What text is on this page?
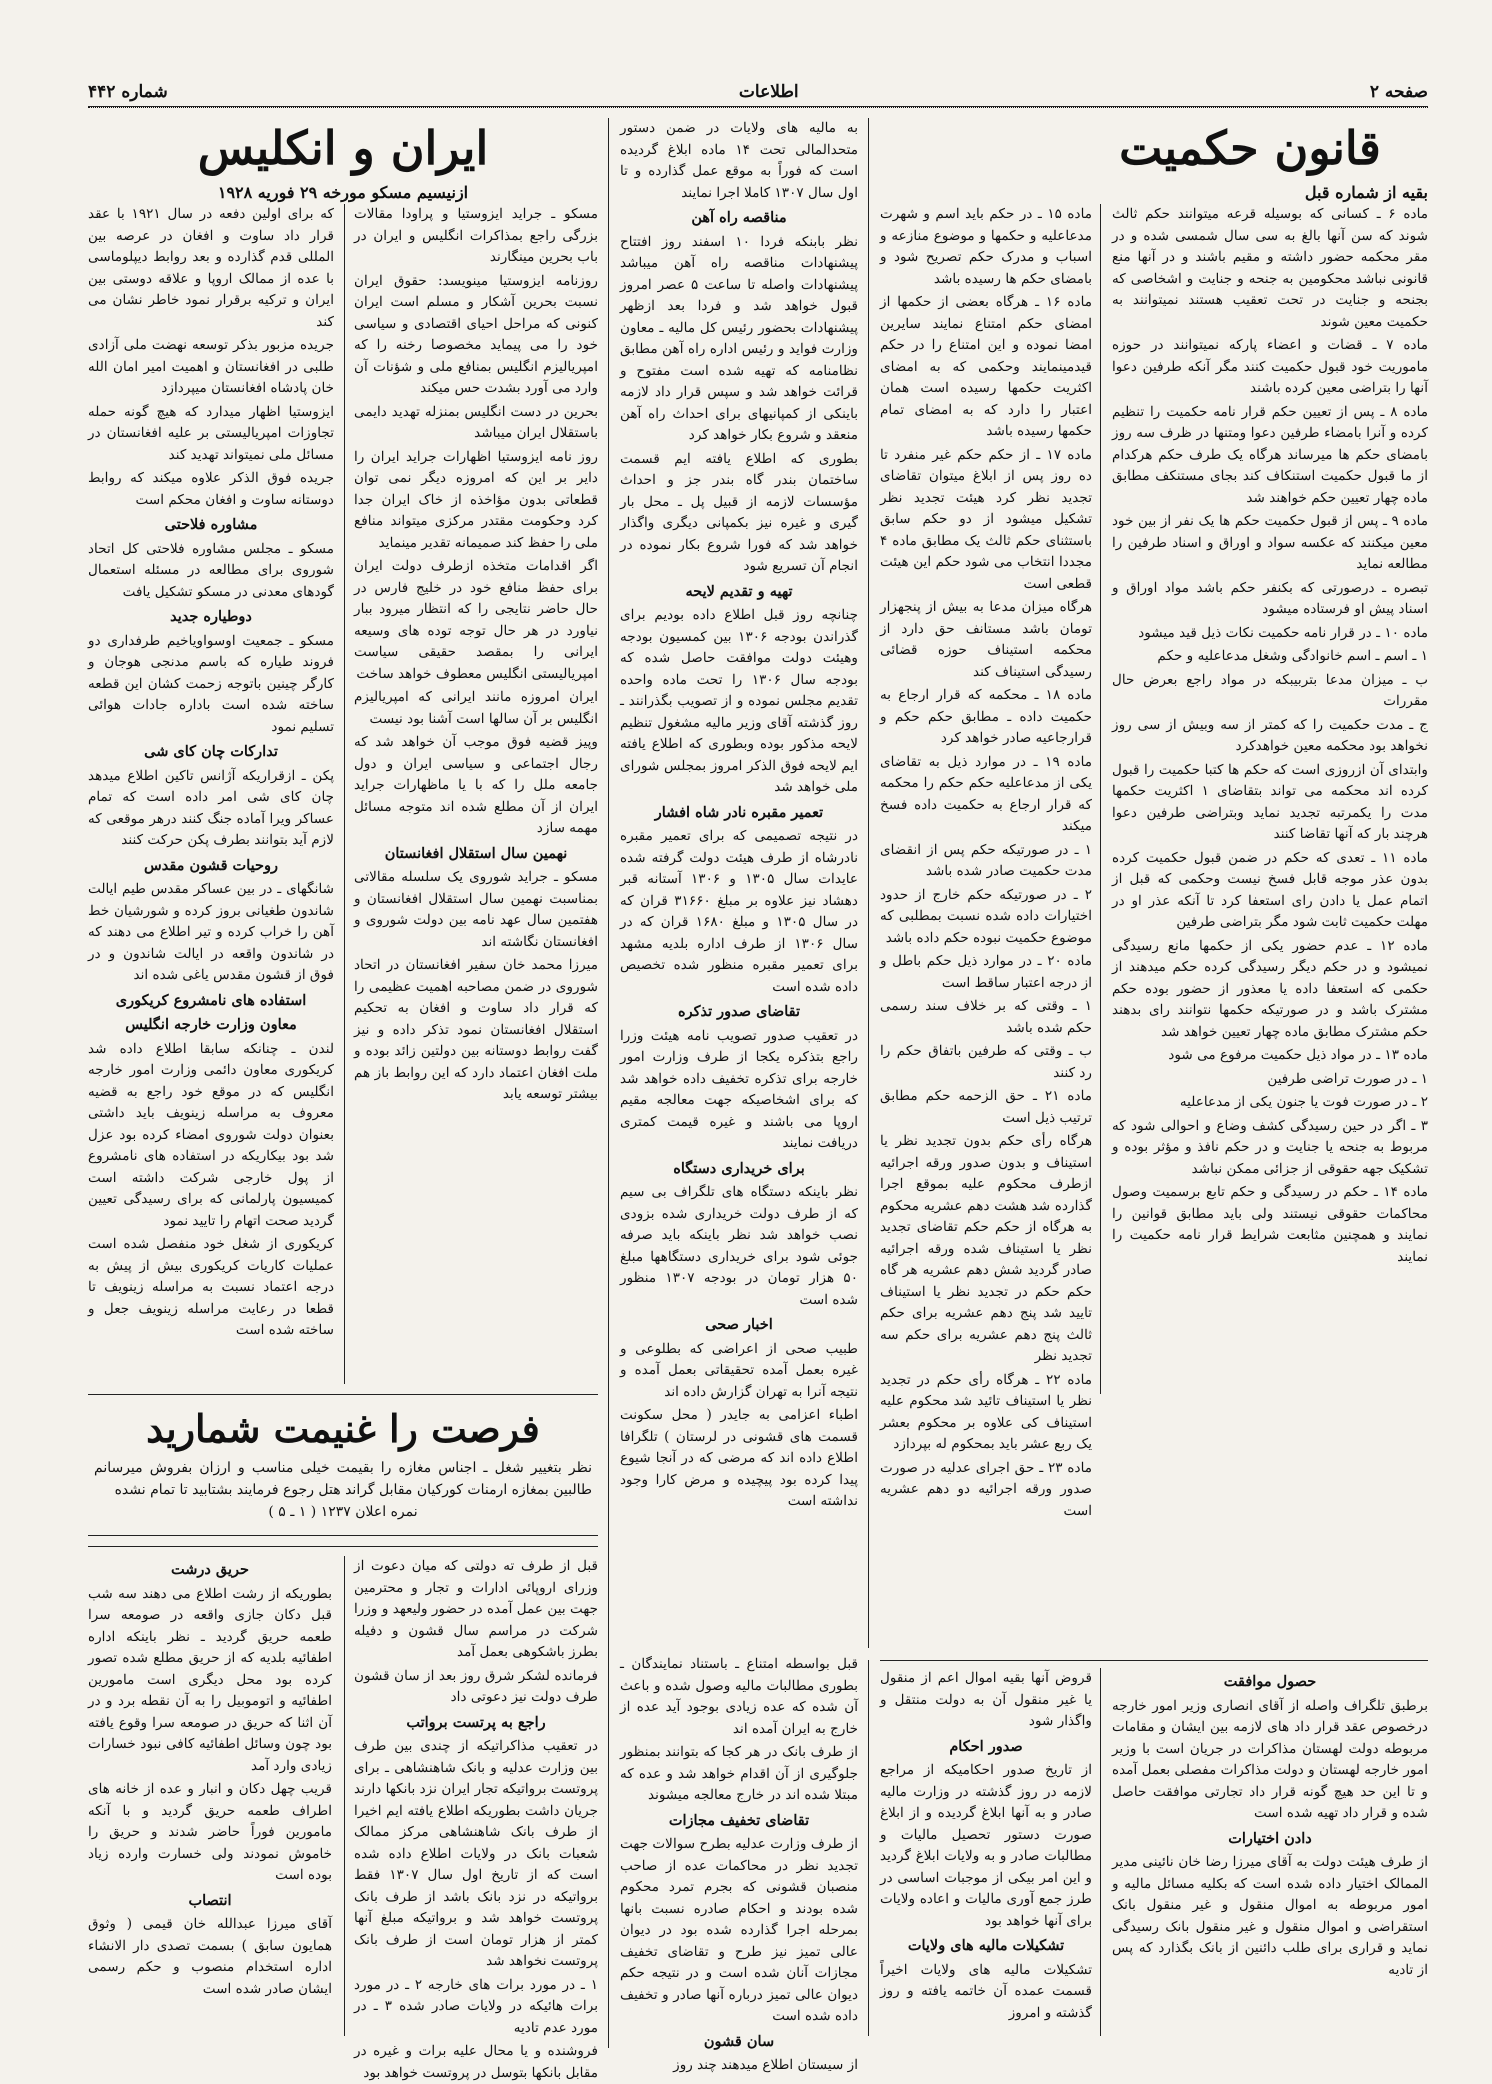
صفحه ۲
اطلاعات
شماره ۴۴۲
قانون حکمیت
بقیه از شماره قبل

ماده ۶ ـ کسانی که بوسیله قرعه میتوانند حکم ثالث شوند که سن آنها بالغ به سی سال شمسی شده و در مقر محکمه حضور داشته و مقیم باشند و در آنها منع قانونی نباشد محکومین به جنحه و جنایت و اشخاصی که بجنحه و جنایت در تحت تعقیب هستند نمیتوانند به حکمیت معین شوند

ماده ۷ ـ قضات و اعضاء پارکه نمیتوانند در حوزه ماموریت خود قبول حکمیت کنند مگر آنکه طرفین دعوا آنها را بتراضی معین کرده باشند

ماده ۸ ـ پس از تعیین حکم قرار نامه حکمیت را تنظیم کرده و آنرا بامضاء طرفین دعوا ومتنها در ظرف سه روز بامضای حکم ها میرساند هرگاه یک طرف حکم هرکدام از ما قبول حکمیت استنکاف کند بجای مستنکف مطابق ماده چهار تعیین حکم خواهند شد

ماده ۹ ـ پس از قبول حکمیت حکم ها یک نفر از بین خود معین میکنند که عکسه سواد و اوراق و اسناد طرفین را مطالعه نماید

تبصره ـ درصورتی که بکنفر حکم باشد مواد اوراق و اسناد پیش او فرستاده میشود

ماده ۱۰ ـ در قرار نامه حکمیت نکات ذیل قید میشود

۱ ـ اسم ـ اسم خانوادگی وشغل مدعاعلیه و حکم

ب ـ میزان مدعا بتربیبکه در مواد راجع بعرض حال مقررات

ج ـ مدت حکمیت را که کمتر از سه وبیش از سی روز نخواهد بود محکمه معین خواهدکرد

وابتدای آن ازروزی است که حکم ها کتبا حکمیت را قبول کرده اند محکمه می تواند بتقاضای ۱ اکثریت حکمها مدت را یکمرتبه تجدید نماید وبتراضی طرفین دعوا هرچند بار که آنها تقاضا کنند

ماده ۱۱ ـ تعدی که حکم در ضمن قبول حکمیت کرده بدون عذر موجه قابل فسخ نیست وحکمی که قبل از اتمام عمل یا دادن رای استعفا کرد تا آنکه عذر او در مهلت حکمیت ثابت شود مگر بتراضی طرفین

ماده ۱۲ ـ عدم حضور یکی از حکمها مانع رسیدگی نمیشود و در حکم دیگر رسیدگی کرده حکم میدهند از حکمی که استعفا داده یا معذور از حضور بوده حکم مشترک باشد و در صورتیکه حکمها نتوانند رای بدهند حکم مشترک مطابق ماده چهار تعیین خواهد شد

ماده ۱۳ ـ در مواد ذیل حکمیت مرفوع می شود

۱ ـ در صورت تراضی طرفین

۲ ـ در صورت فوت یا جنون یکی از مدعاعلیه

۳ ـ اگر در حین رسیدگی کشف وضاع و احوالی شود که مربوط به جنحه یا جنایت و در حکم نافذ و مؤثر بوده و تشکیک جهه حقوقی از جزائی ممکن نباشد

ماده ۱۴ ـ حکم در رسیدگی و حکم تابع برسمیت وصول محاکمات حقوقی نیستند ولی باید مطابق قوانین را نمایند و همچنین مثابعت شرایط قرار نامه حکمیت را نمایند

ماده ۱۵ ـ در حکم باید اسم و شهرت مدعاعلیه و حکمها و موضوع منازعه و اسباب و مدرک حکم تصریح شود و بامضای حکم ها رسیده باشد

ماده ۱۶ ـ هرگاه بعضی از حکمها از امضای حکم امتناع نمایند سایرین امضا نموده و این امتناع را در حکم قیدمینمایند وحکمی که به امضای اکثریت حکمها رسیده است همان اعتبار را دارد که به امضای تمام حکمها رسیده باشد

ماده ۱۷ ـ از حکم حکم غیر منفرد تا ده روز پس از ابلاغ میتوان تقاضای تجدید نظر کرد هیئت تجدید نظر تشکیل میشود از دو حکم سابق باستثنای حکم ثالث یک مطابق ماده ۴ مجددا انتخاب می شود حکم این هیئت قطعی است

هرگاه میزان مدعا به بیش از پنجهزار تومان باشد مستانف حق دارد از محکمه استیناف حوزه قضائی رسیدگی استیناف کند

ماده ۱۸ ـ محکمه که قرار ارجاع به حکمیت داده ـ مطابق حکم حکم و قرارجاعیه صادر خواهد کرد

ماده ۱۹ ـ در موارد ذیل به تقاضای یکی از مدعاعلیه حکم حکم را محکمه که قرار ارجاع به حکمیت داده فسخ میکند

۱ ـ در صورتیکه حکم پس از انقضای مدت حکمیت صادر شده باشد

۲ ـ در صورتیکه حکم خارج از حدود اختیارات داده شده نسبت بمطلبی که موضوع حکمیت نبوده حکم داده باشد

ماده ۲۰ ـ در موارد ذیل حکم باطل و از درجه اعتبار ساقط است

۱ ـ وقتی که بر خلاف سند رسمی حکم شده باشد

ب ـ وقتی که طرفین باتفاق حکم را رد کنند

ماده ۲۱ ـ حق الزحمه حکم مطابق ترتیب ذیل است

هرگاه رأی حکم بدون تجدید نظر یا استیناف و بدون صدور ورقه اجرائیه ازطرف محکوم علیه بموقع اجرا گذارده شد هشت دهم عشریه محکوم به هرگاه از حکم حکم تقاضای تجدید نظر یا استیناف شده ورقه اجرائیه صادر گردید شش دهم عشریه هر گاه حکم حکم در تجدید نظر یا استیناف تایید شد پنج دهم عشریه برای حکم ثالث پنج دهم عشریه برای حکم سه تجدید نظر

ماده ۲۲ ـ هرگاه رأی حکم در تجدید نظر یا استیناف تائید شد محکوم علیه استیناف کی علاوه بر محکوم بعشر یک ربع عشر باید بمحکوم له بپردازد

ماده ۲۳ ـ حق اجرای عدلیه در صورت صدور ورقه اجرائیه دو دهم عشریه است

به مالیه های ولایات در ضمن دستور متحدالمالی تحت ۱۴ ماده ابلاغ گردیده است که فوراً به موقع عمل گذارده و تا اول سال ۱۳۰۷ کاملا اجرا نمایند

مناقصه راه آهن

نظر بابنکه فردا ۱۰ اسفند روز افتتاح پیشنهادات مناقصه راه آهن میباشد پیشنهادات واصله تا ساعت ۵ عصر امروز قبول خواهد شد و فردا بعد ازظهر پیشنهادات بحضور رئیس کل مالیه ـ معاون وزارت فواید و رئیس اداره راه آهن مطابق نظامنامه که تهیه شده است مفتوح و قرائت خواهد شد و سپس قرار داد لازمه باینکی از کمپانیهای برای احداث راه آهن منعقد و شروع بکار خواهد کرد

بطوری که اطلاع یافته ایم قسمت ساختمان بندر گاه بندر جز و احداث مؤسسات لازمه از قبیل پل ـ محل بار گیری و غیره نیز بکمپانی دیگری واگذار خواهد شد که فورا شروع بکار نموده در انجام آن تسریع شود

تهیه و تقدیم لایحه

چنانچه روز قبل اطلاع داده بودیم برای گذراندن بودجه ۱۳۰۶ بین کمسیون بودجه وهیئت دولت موافقت حاصل شده که بودجه سال ۱۳۰۶ را تحت ماده واحده تقدیم مجلس نموده و از تصویب بگذرانند ـ روز گذشته آقای وزیر مالیه مشغول تنظیم لایحه مذکور بوده وبطوری که اطلاع یافته ایم لایحه فوق الذکر امروز بمجلس شورای ملی خواهد شد

تعمیر مقبره نادر شاه افشار

در نتیجه تصمیمی که برای تعمیر مقبره نادرشاه از طرف هیئت دولت گرفته شده عایدات سال ۱۳۰۵ و ۱۳۰۶ آستانه قبر دهشاد نیز علاوه بر مبلغ ۳۱۶۶۰ قران که در سال ۱۳۰۵ و مبلغ ۱۶۸۰ قران که در سال ۱۳۰۶ از طرف اداره بلدیه مشهد برای تعمیر مقبره منظور شده تخصیص داده شده است

تقاضای صدور تذکره

در تعقیب صدور تصویب نامه هیئت وزرا راجع بتذکره یکجا از طرف وزارت امور خارجه برای تذکره تخفیف داده خواهد شد که برای اشخاصیکه جهت معالجه مقیم اروپا می باشند و غیره قیمت کمتری دریافت نمایند

برای خریداری دستگاه

نظر باینکه دستگاه های تلگراف بی سیم که از طرف دولت خریداری شده بزودی نصب خواهد شد نظر باینکه باید صرفه جوئی شود برای خریداری دستگاهها مبلغ ۵۰ هزار تومان در بودجه ۱۳۰۷ منظور شده است

اخبار صحی

طبیب صحی از اعراضی که بطلوعی و غیره بعمل آمده تحقیقاتی بعمل آمده و نتیجه آنرا به تهران گزارش داده اند

اطباء اعزامی به جایدر ( محل سکونت قسمت های قشونی در لرستان ) تلگرافا اطلاع داده اند که مرضی که در آنجا شیوع پیدا کرده بود پیچیده و مرض کارا وجود نداشته است

ایران و انکلیس
ازنیسیم مسکو مورخه ۲۹ فوریه ۱۹۲۸

مسکو ـ جراید ایزوستیا و پراودا مقالات بزرگی راجع بمذاکرات انگلیس و ایران در باب بحرین مینگارند

روزنامه ایزوستیا مینویسد: حقوق ایران نسبت بحرین آشکار و مسلم است ایران کنونی که مراحل احیای اقتصادی و سیاسی خود را می پیماید مخصوصا رخنه را که امپریالیزم انگلیس بمنافع ملی و شؤنات آن وارد می آورد بشدت حس میکند

بحرین در دست انگلیس بمنزله تهدید دایمی باستقلال ایران میباشد

روز نامه ایزوستیا اظهارات جراید ایران را دایر بر این که امروزه دیگر نمی توان قطعاتی بدون مؤاخذه از خاک ایران جدا کرد وحکومت مقتدر مرکزی میتواند منافع ملی را حفظ کند صمیمانه تقدیر مینماید

اگر اقدامات متخذه ازطرف دولت ایران برای حفظ منافع خود در خلیج فارس در حال حاضر نتایجی را که انتظار میرود ببار نیاورد در هر حال توجه توده های وسیعه ایرانی را بمقصد حقیقی سیاست امپریالیستی انگلیس معطوف خواهد ساخت

ایران امروزه مانند ایرانی که امپریالیزم انگلیس بر آن سالها است آشنا بود نیست

وپیز قضیه فوق موجب آن خواهد شد که رجال اجتماعی و سیاسی ایران و دول جامعه ملل را که با یا ماظهارات جراید ایران از آن مطلع شده اند متوجه مسائل مهمه سازد

نهمین سال استقلال افغانستان

مسکو ـ جراید شوروی یک سلسله مقالاتی بمناسبت نهمین سال استقلال افغانستان و هفتمین سال عهد نامه بین دولت شوروی و افغانستان نگاشته اند

میرزا محمد خان سفیر افغانستان در اتحاد شوروی در ضمن مصاحبه اهمیت عظیمی را که قرار داد ساوت و افغان به تحکیم استقلال افغانستان نمود تذکر داده و نیز گفت روابط دوستانه بین دولتین زائد بوده و ملت افغان اعتماد دارد که این روابط باز هم بیشتر توسعه یابد

که برای اولین دفعه در سال ۱۹۲۱ با عقد قرار داد ساوت و افغان در عرصه بین المللی قدم گذارده و بعد روابط دیپلوماسی با عده از ممالک اروپا و علاقه دوستی بین ایران و ترکیه برقرار نمود خاطر نشان می کند

جریده مزبور بذکر توسعه نهضت ملی آزادی طلبی در افغانستان و اهمیت امیر امان الله خان پادشاه افغانستان میپردازد

ایزوستیا اظهار میدارد که هیچ گونه حمله تجاوزات امپریالیستی بر علیه افغانستان در مسائل ملی نمیتواند تهدید کند

جریده فوق الذکر علاوه میکند که روابط دوستانه ساوت و افغان محکم است

مشاوره فلاحتی

مسکو ـ مجلس مشاوره فلاحتی کل اتحاد شوروی برای مطالعه در مسئله استعمال گودهای معدنی در مسکو تشکیل یافت

دوطیاره جدید

مسکو ـ جمعیت اوسواویاخیم طرفداری دو فروند طیاره که باسم مدنجی هوجان و کارگر چینین باتوجه زحمت کشان این قطعه ساخته شده است باداره جادات هوائی تسلیم نمود

تدارکات چان کای شی

پکن ـ ازقراریکه آژانس تاکین اطلاع میدهد چان کای شی امر داده است که تمام عساکر ویرا آماده جنگ کنند درهر موقعی که لازم آید بتوانند بطرف پکن حرکت کنند

روحیات قشون مقدس

شانگهای ـ در بین عساکر مقدس طیم ایالت شاندون طغیانی بروز کرده و شورشیان خط آهن را خراب کرده و تیر اطلاع می دهند که در شاندون واقعه در ایالت شاندون و در فوق از قشون مقدس یاغی شده اند

استفاده های نامشروع کریکوری
معاون وزارت خارجه انگلیس

لندن ـ چنانکه سابقا اطلاع داده شد کریکوری معاون دائمی وزارت امور خارجه انگلیس که در موقع خود راجع به قضیه معروف به مراسله زینویف باید داشتی بعنوان دولت شوروی امضاء کرده بود عزل شد بود بیکاریکه در استفاده های نامشروع از پول خارجی شرکت داشته است کمیسیون پارلمانی که برای رسیدگی تعیین گردید صحت اتهام را تایید نمود

کریکوری از شغل خود منفصل شده است عملیات کاریات کریکوری بیش از پیش به درجه اعتماد نسبت به مراسله زینویف تا قطعا در رعایت مراسله زینویف جعل و ساخته شده است

فرصت را غنیمت شمارید
نظر بتغییر شغل ـ اجناس مغازه را بقیمت خیلی مناسب و ارزان بفروش میرسانم طالبین بمغازه ارمنات کورکیان مقابل گراند هتل رجوع فرمایند بشتابید تا تمام نشده
نمره اعلان ۱۲۳۷ ( ۱ ـ ۵ )
حریق درشت

بطوریکه از رشت اطلاع می دهند سه شب قبل دکان جازی واقعه در صومعه سرا طعمه حریق گردید ـ نظر باینکه اداره اطفائیه بلدیه که از حریق مطلع شده تصور کرده بود محل دیگری است مامورین اطفائیه و اتوموبیل را به آن نقطه برد و در آن اثنا که حریق در صومعه سرا وقوع یافته بود چون وسائل اطفائیه کافی نبود خسارات زیادی وارد آمد

قریب چهل دکان و انبار و عده از خانه های اطراف طعمه حریق گردید و با آنکه مامورین فوراً حاضر شدند و حریق را خاموش نمودند ولی خسارت وارده زیاد بوده است

انتصاب

آقای میرزا عبدالله خان قیمی ( وثوق همایون سابق ) بسمت تصدی دار الانشاء اداره استخدام منصوب و حکم رسمی ایشان صادر شده است

قبل از طرف ته دولتی که میان دعوت از وزرای اروپائی ادارات و تجار و محترمین جهت بین عمل آمده در حضور ولیعهد و وزرا شرکت در مراسم سال قشون و دفیله بطرز باشکوهی بعمل آمد

فرمانده لشکر شرق روز بعد از سان قشون طرف دولت نیز دعوتی داد

راجع به پرتست برواتب

در تعقیب مذاکراتیکه از چندی بین طرف بین وزارت عدلیه و بانک شاهنشاهی ـ برای پروتست برواتیکه تجار ایران نزد بانکها دارند جریان داشت بطوریکه اطلاع یافته ایم اخیرا از طرف بانک شاهنشاهی مرکز ممالک شعبات بانک در ولایات اطلاع داده شده است که از تاریخ اول سال ۱۳۰۷ فقط برواتیکه در نزد بانک باشد از طرف بانک پروتست خواهد شد و برواتیکه مبلغ آنها کمتر از هزار تومان است از طرف بانک پروتست نخواهد شد

۱ ـ در مورد برات های خارجه ۲ ـ در مورد برات هائیکه در ولایات صادر شده ۳ ـ در مورد عدم تادیه

فروشنده و یا محال علیه برات و غیره در مقابل بانکها بتوسل در پروتست خواهد بود

قبل بواسطه امتناع ـ باستناد نمایندگان ـ بطوری مطالبات مالیه وصول شده و باعث آن شده که عده زیادی بوجود آید عده از خارج به ایران آمده اند

از طرف بانک در هر کجا که بتوانند بمنظور جلوگیری از آن اقدام خواهد شد و عده که مبتلا شده اند در خارج معالجه میشوند

تقاضای تخفیف مجازات

از طرف وزارت عدلیه بطرح سوالات جهت تجدید نظر در محاکمات عده از صاحب منصبان قشونی که بجرم تمرد محکوم شده بودند و احکام صادره نسبت بانها بمرحله اجرا گذارده شده بود در دیوان عالی تمیز نیز طرح و تقاضای تخفیف مجازات آنان شده است و در نتیجه حکم دیوان عالی تمیز درباره آنها صادر و تخفیف داده شده است

سان قشون

از سیستان اطلاع میدهند چند روز

قروض آنها بقیه اموال اعم از منقول یا غیر منقول آن به دولت منتقل و واگذار شود

صدور احکام

از تاریخ صدور احکامیکه از مراجع لازمه در روز گذشته در وزارت مالیه صادر و به آنها ابلاغ گردیده و از ابلاغ صورت دستور تحصیل مالیات و مطالبات صادر و به ولایات ابلاغ گردید و این امر بیکی از موجبات اساسی در طرز جمع آوری مالیات و اعاده ولایات برای آنها خواهد بود

تشکیلات مالیه های ولایات

تشکیلات مالیه های ولایات اخیراً قسمت عمده آن خاتمه یافته و روز گذشته و امروز

حصول موافقت

برطبق تلگراف واصله از آقای انصاری وزیر امور خارجه درخصوص عقد قرار داد های لازمه بین ایشان و مقامات مربوطه دولت لهستان مذاکرات در جریان است با وزیر امور خارجه لهستان و دولت مذاکرات مفصلی بعمل آمده و تا این حد هیچ گونه قرار داد تجارتی موافقت حاصل شده و قرار داد تهیه شده است

دادن اختیارات

از طرف هیئت دولت به آقای میرزا رضا خان نائینی مدیر الممالک اختیار داده شده است که بکلیه مسائل مالیه و امور مربوطه به اموال منقول و غیر منقول بانک استقراضی و اموال منقول و غیر منقول بانک رسیدگی نماید و قراری برای طلب دائنین از بانک بگذارد که پس از تادیه
